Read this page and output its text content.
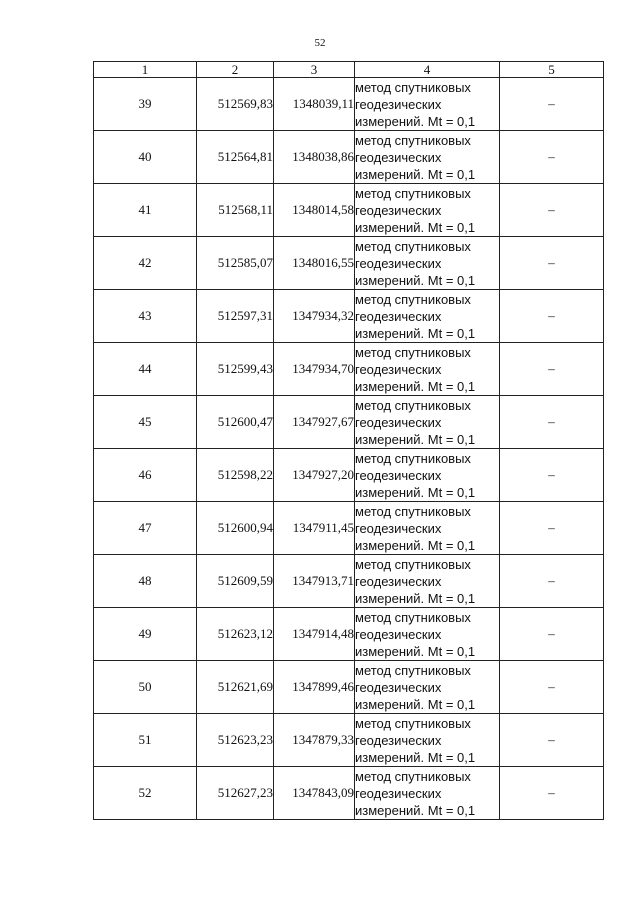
52
1	2	3	4	5
39	512569,83	1348039,11	метод спутниковых
геодезических
измерений. Mt = 0,1	–
40	512564,81	1348038,86	метод спутниковых
геодезических
измерений. Mt = 0,1	–
41	512568,11	1348014,58	метод спутниковых
геодезических
измерений. Mt = 0,1	–
42	512585,07	1348016,55	метод спутниковых
геодезических
измерений. Mt = 0,1	–
43	512597,31	1347934,32	метод спутниковых
геодезических
измерений. Mt = 0,1	–
44	512599,43	1347934,70	метод спутниковых
геодезических
измерений. Mt = 0,1	–
45	512600,47	1347927,67	метод спутниковых
геодезических
измерений. Mt = 0,1	–
46	512598,22	1347927,20	метод спутниковых
геодезических
измерений. Mt = 0,1	–
47	512600,94	1347911,45	метод спутниковых
геодезических
измерений. Mt = 0,1	–
48	512609,59	1347913,71	метод спутниковых
геодезических
измерений. Mt = 0,1	–
49	512623,12	1347914,48	метод спутниковых
геодезических
измерений. Mt = 0,1	–
50	512621,69	1347899,46	метод спутниковых
геодезических
измерений. Mt = 0,1	–
51	512623,23	1347879,33	метод спутниковых
геодезических
измерений. Mt = 0,1	–
52	512627,23	1347843,09	метод спутниковых
геодезических
измерений. Mt = 0,1	–
